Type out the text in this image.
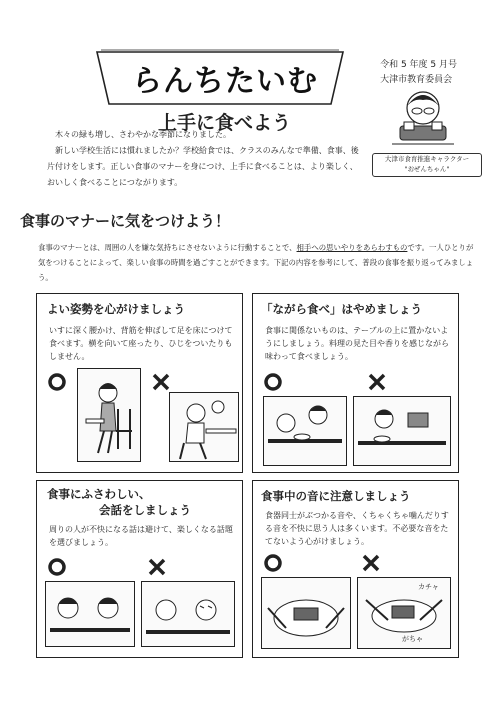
らんちたいむ	令和 5 年度 5 月号
大津市教育委員会
大津市食育推進キャラクター
"おぜんちゃん"
上手に食べよう

木々の緑も増し、さわやかな季節になりました。

新しい学校生活には慣れましたか？学校給食では、クラスのみんなで準備、食事、後片付けをします。正しい食事のマナーを身につけ、上手に食べることは、より楽しく、おいしく食べることにつながります。

食事のマナーに気をつけよう！
食事のマナーとは、周囲の人を嫌な気持ちにさせないように行動することで、相手への思いやりをあらわすものです。一人ひとりが気をつけることによって、楽しい食事の時間を過ごすことができます。下記の内容を参考にして、普段の食事を振り返ってみましょう。
よい姿勢を心がけましょう
いすに深く腰かけ、背筋を伸ばして足を床につけて食べます。横を向いて座ったり、ひじをついたりもしません。
「ながら食べ」はやめましょう
食事に関係ないものは、テーブルの上に置かないようにしましょう。料理の見た目や香りを感じながら味わって食べましょう。
食事にふさわしい、
会話をしましょう
周りの人が不快になる話は避けて、楽しくなる話題を選びましょう。
食事中の音に注意しましょう
食器同士がぶつかる音や、くちゃくちゃ噛んだりする音を不快に思う人は多くいます。不必要な音をたてないよう心がけましょう。
カチャ
がちゃ
